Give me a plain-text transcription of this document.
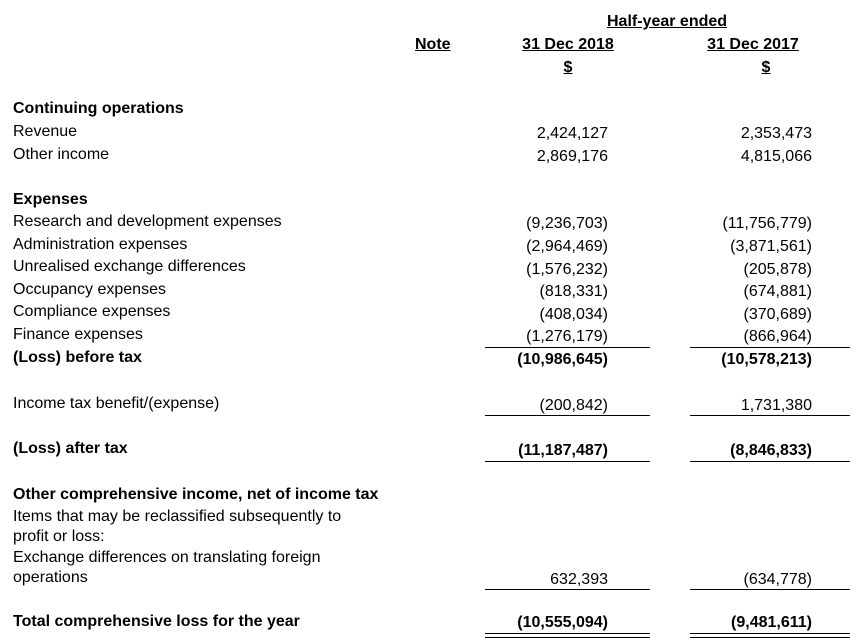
Half-year ended
Note	31 Dec 2018	31 Dec 2017
$	$
Continuing operations
Revenue	2,424,127	2,353,473
Other income	2,869,176	4,815,066
Expenses
Research and development expenses	(9,236,703)	(11,756,779)
Administration expenses	(2,964,469)	(3,871,561)
Unrealised exchange differences	(1,576,232)	(205,878)
Occupancy expenses	(818,331)	(674,881)
Compliance expenses	(408,034)	(370,689)
Finance expenses	(1,276,179)	(866,964)
(Loss) before tax	(10,986,645)	(10,578,213)
Income tax benefit/(expense)	(200,842)	1,731,380
(Loss) after tax	(11,187,487)	(8,846,833)
Other comprehensive income, net of income tax
Items that may be reclassified subsequently to
profit or loss:
Exchange differences on translating foreign
operations	632,393	(634,778)
Total comprehensive loss for the year	(10,555,094)	(9,481,611)
